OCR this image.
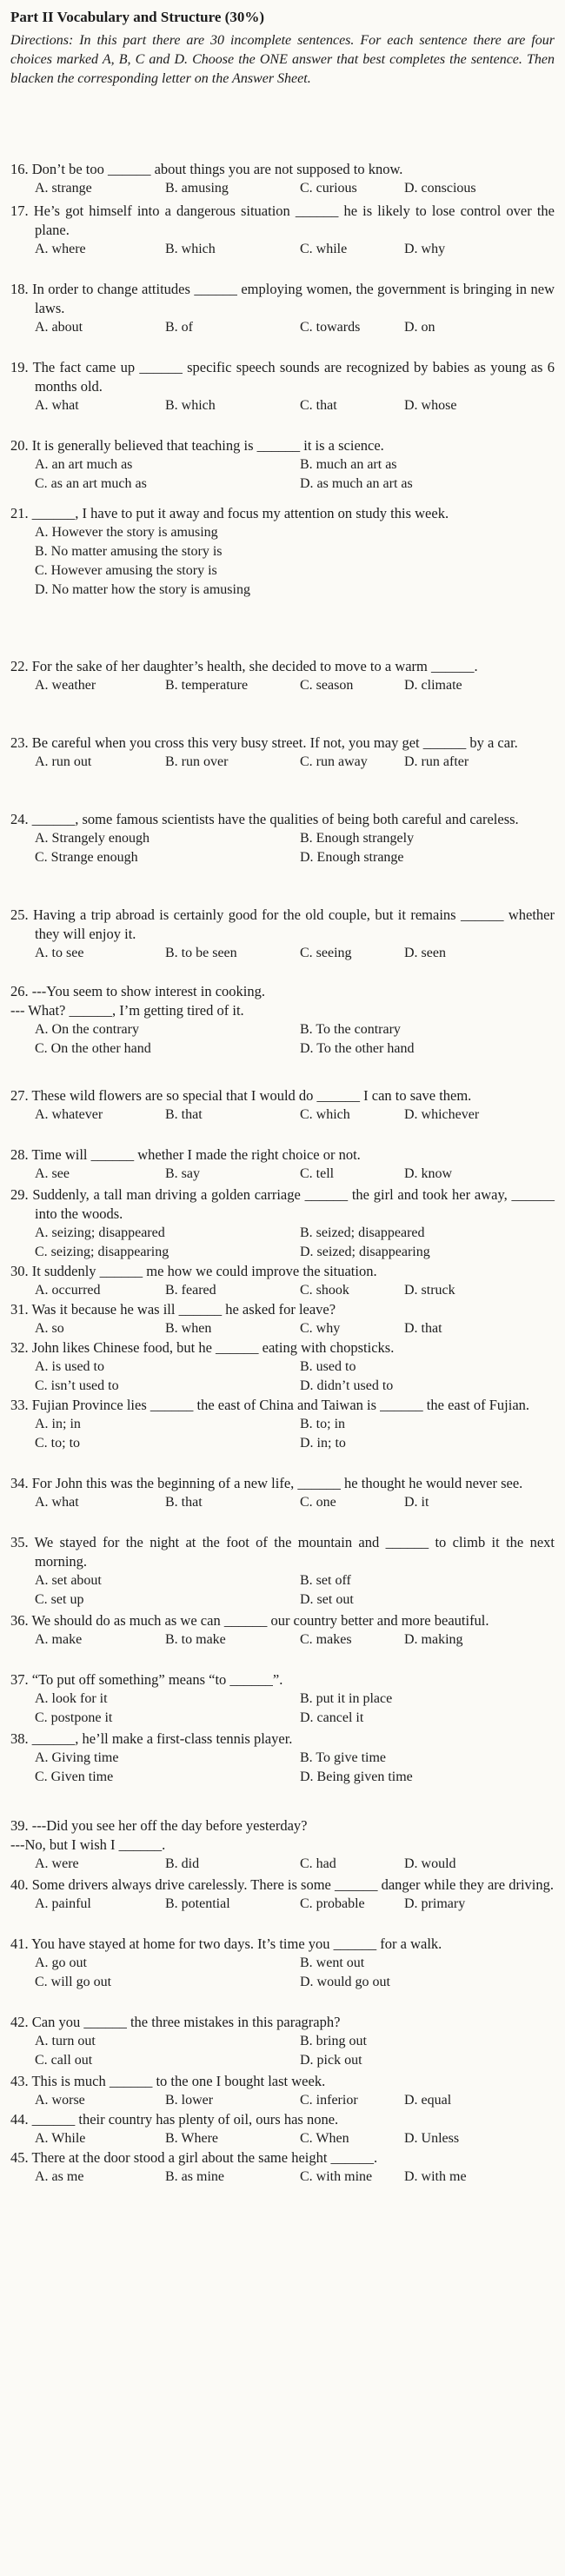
Part II Vocabulary and Structure (30%)
Directions: In this part there are 30 incomplete sentences. For each sentence there are four choices marked A, B, C and D. Choose the ONE answer that best completes the sentence. Then blacken the corresponding letter on the Answer Sheet.
16. Don’t be too ______ about things you are not supposed to know.
A. strange	B. amusing	C. curious	D. conscious
17. He’s got himself into a dangerous situation ______ he is likely to lose control over the plane.
A. where	B. which	C. while	D. why
18. In order to change attitudes ______ employing women, the government is bringing in new laws.
A. about	B. of	C. towards	D. on
19. The fact came up ______ specific speech sounds are recognized by babies as young as 6 months old.
A. what	B. which	C. that	D. whose
20. It is generally believed that teaching is ______ it is a science.
A. an art much as	B. much an art as
C. as an art much as	D. as much an art as
21. ______, I have to put it away and focus my attention on study this week.
A. However the story is amusing
B. No matter amusing the story is
C. However amusing the story is
D. No matter how the story is amusing
22. For the sake of her daughter’s health, she decided to move to a warm ______.
A. weather	B. temperature	C. season	D. climate
23. Be careful when you cross this very busy street. If not, you may get ______ by a car.
A. run out	B. run over	C. run away	D. run after
24. ______, some famous scientists have the qualities of being both careful and careless.
A. Strangely enough	B. Enough strangely
C. Strange enough	D. Enough strange
25. Having a trip abroad is certainly good for the old couple, but it remains ______ whether they will enjoy it.
A. to see	B. to be seen	C. seeing	D. seen
26. ---You seem to show interest in cooking.
--- What? ______, I’m getting tired of it.
A. On the contrary	B. To the contrary
C. On the other hand	D. To the other hand
27. These wild flowers are so special that I would do ______ I can to save them.
A. whatever	B. that	C. which	D. whichever
28. Time will ______ whether I made the right choice or not.
A. see	B. say	C. tell	D. know
29. Suddenly, a tall man driving a golden carriage ______ the girl and took her away, ______ into the woods.
A. seizing; disappeared	B. seized; disappeared
C. seizing; disappearing	D. seized; disappearing
30. It suddenly ______ me how we could improve the situation.
A. occurred	B. feared	C. shook	D. struck
31. Was it because he was ill ______ he asked for leave?
A. so	B. when	C. why	D. that
32. John likes Chinese food, but he ______ eating with chopsticks.
A. is used to	B. used to
C. isn’t used to	D. didn’t used to
33. Fujian Province lies ______ the east of China and Taiwan is ______ the east of Fujian.
A. in; in	B. to; in
C. to; to	D. in; to
34. For John this was the beginning of a new life, ______ he thought he would never see.
A. what	B. that	C. one	D. it
35. We stayed for the night at the foot of the mountain and ______ to climb it the next morning.
A. set about	B. set off
C. set up	D. set out
36. We should do as much as we can ______ our country better and more beautiful.
A. make	B. to make	C. makes	D. making
37. “To put off something” means “to ______”.
A. look for it	B. put it in place
C. postpone it	D. cancel it
38. ______, he’ll make a first-class tennis player.
A. Giving time	B. To give time
C. Given time	D. Being given time
39. ---Did you see her off the day before yesterday?
---No, but I wish I ______.
A. were	B. did	C. had	D. would
40. Some drivers always drive carelessly. There is some ______ danger while they are driving.
A. painful	B. potential	C. probable	D. primary
41. You have stayed at home for two days. It’s time you ______ for a walk.
A. go out	B. went out
C. will go out	D. would go out
42. Can you ______ the three mistakes in this paragraph?
A. turn out	B. bring out
C. call out	D. pick out
43. This is much ______ to the one I bought last week.
A. worse	B. lower	C. inferior	D. equal
44. ______ their country has plenty of oil, ours has none.
A. While	B. Where	C. When	D. Unless
45. There at the door stood a girl about the same height ______.
A. as me	B. as mine	C. with mine	D. with me
